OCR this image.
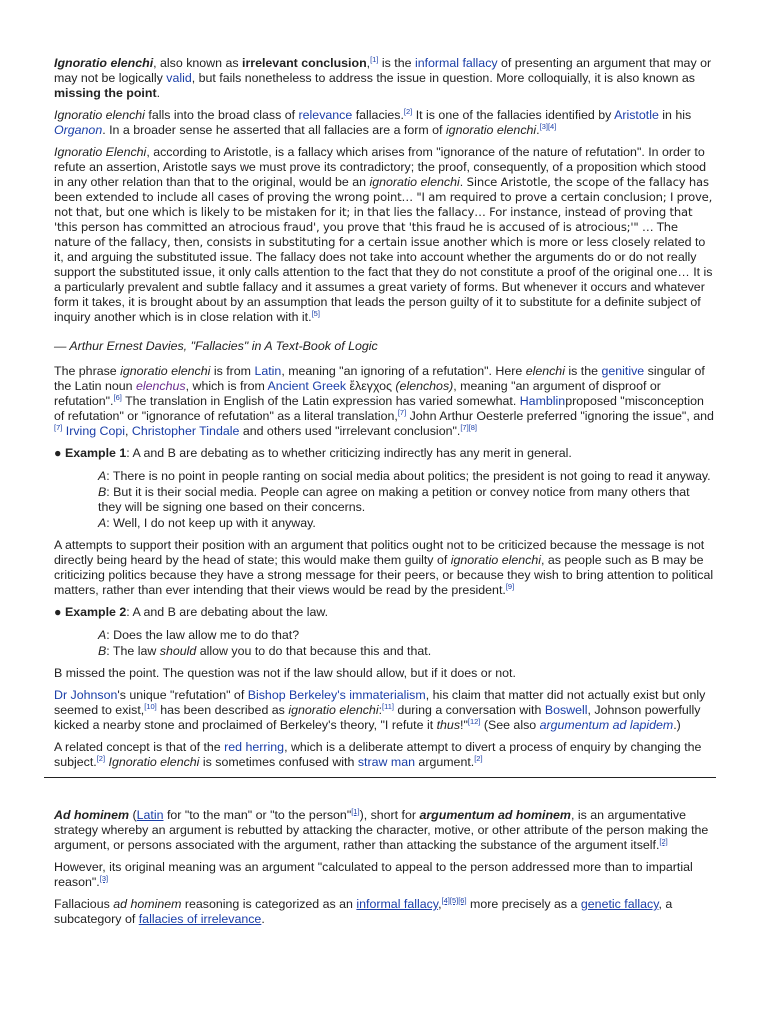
Ignoratio elenchi, also known as irrelevant conclusion,[1] is the informal fallacy of presenting an argument that may or may not be logically valid, but fails nonetheless to address the issue in question. More colloquially, it is also known as missing the point.

Ignoratio elenchi falls into the broad class of relevance fallacies.[2] It is one of the fallacies identified by Aristotle in his Organon. In a broader sense he asserted that all fallacies are a form of ignoratio elenchi.[3][4]

Ignoratio Elenchi, according to Aristotle, is a fallacy which arises from "ignorance of the nature of refutation". In order to refute an assertion, Aristotle says we must prove its contradictory; the proof, consequently, of a proposition which stood in any other relation than that to the original, would be an ignoratio elenchi. Since Aristotle, the scope of the fallacy has been extended to include all cases of proving the wrong point… "I am required to prove a certain conclusion; I prove, not that, but one which is likely to be mistaken for it; in that lies the fallacy… For instance, instead of proving that 'this person has committed an atrocious fraud', you prove that 'this fraud he is accused of is atrocious;'" … The nature of the fallacy, then, consists in substituting for a certain issue another which is more or less closely related to it, and arguing the substituted issue. The fallacy does not take into account whether the arguments do or do not really support the substituted issue, it only calls attention to the fact that they do not constitute a proof of the original one… It is a particularly prevalent and subtle fallacy and it assumes a great variety of forms. But whenever it occurs and whatever form it takes, it is brought about by an assumption that leads the person guilty of it to substitute for a definite subject of inquiry another which is in close relation with it.[5]

— Arthur Ernest Davies, "Fallacies" in A Text-Book of Logic

The phrase ignoratio elenchi is from Latin, meaning "an ignoring of a refutation". Here elenchi is the genitive singular of the Latin noun elenchus, which is from Ancient Greek ἔλεγχος (elenchos), meaning "an argument of disproof or refutation".[6] The translation in English of the Latin expression has varied somewhat. Hamblinproposed "misconception of refutation" or "ignorance of refutation" as a literal translation,[7] John Arthur Oesterle preferred "ignoring the issue", and [7] Irving Copi, Christopher Tindale and others used "irrelevant conclusion".[7][8]

● Example 1: A and B are debating as to whether criticizing indirectly has any merit in general.

A: There is no point in people ranting on social media about politics; the president is not going to read it anyway.

B: But it is their social media. People can agree on making a petition or convey notice from many others that they will be signing one based on their concerns.

A: Well, I do not keep up with it anyway.

A attempts to support their position with an argument that politics ought not to be criticized because the message is not directly being heard by the head of state; this would make them guilty of ignoratio elenchi, as people such as B may be criticizing politics because they have a strong message for their peers, or because they wish to bring attention to political matters, rather than ever intending that their views would be read by the president.[9]

● Example 2: A and B are debating about the law.

A: Does the law allow me to do that?

B: The law should allow you to do that because this and that.

B missed the point. The question was not if the law should allow, but if it does or not.

Dr Johnson's unique "refutation" of Bishop Berkeley's immaterialism, his claim that matter did not actually exist but only seemed to exist,[10] has been described as ignoratio elenchi:[11] during a conversation with Boswell, Johnson powerfully kicked a nearby stone and proclaimed of Berkeley's theory, "I refute it thus!"[12] (See also argumentum ad lapidem.)

A related concept is that of the red herring, which is a deliberate attempt to divert a process of enquiry by changing the subject.[2] Ignoratio elenchi is sometimes confused with straw man argument.[2]

Ad hominem (Latin for "to the man" or "to the person"[1]), short for argumentum ad hominem, is an argumentative strategy whereby an argument is rebutted by attacking the character, motive, or other attribute of the person making the argument, or persons associated with the argument, rather than attacking the substance of the argument itself.[2]

However, its original meaning was an argument "calculated to appeal to the person addressed more than to impartial reason".[3]

Fallacious ad hominem reasoning is categorized as an informal fallacy,[4][5][6] more precisely as a genetic fallacy, a subcategory of fallacies of irrelevance.
